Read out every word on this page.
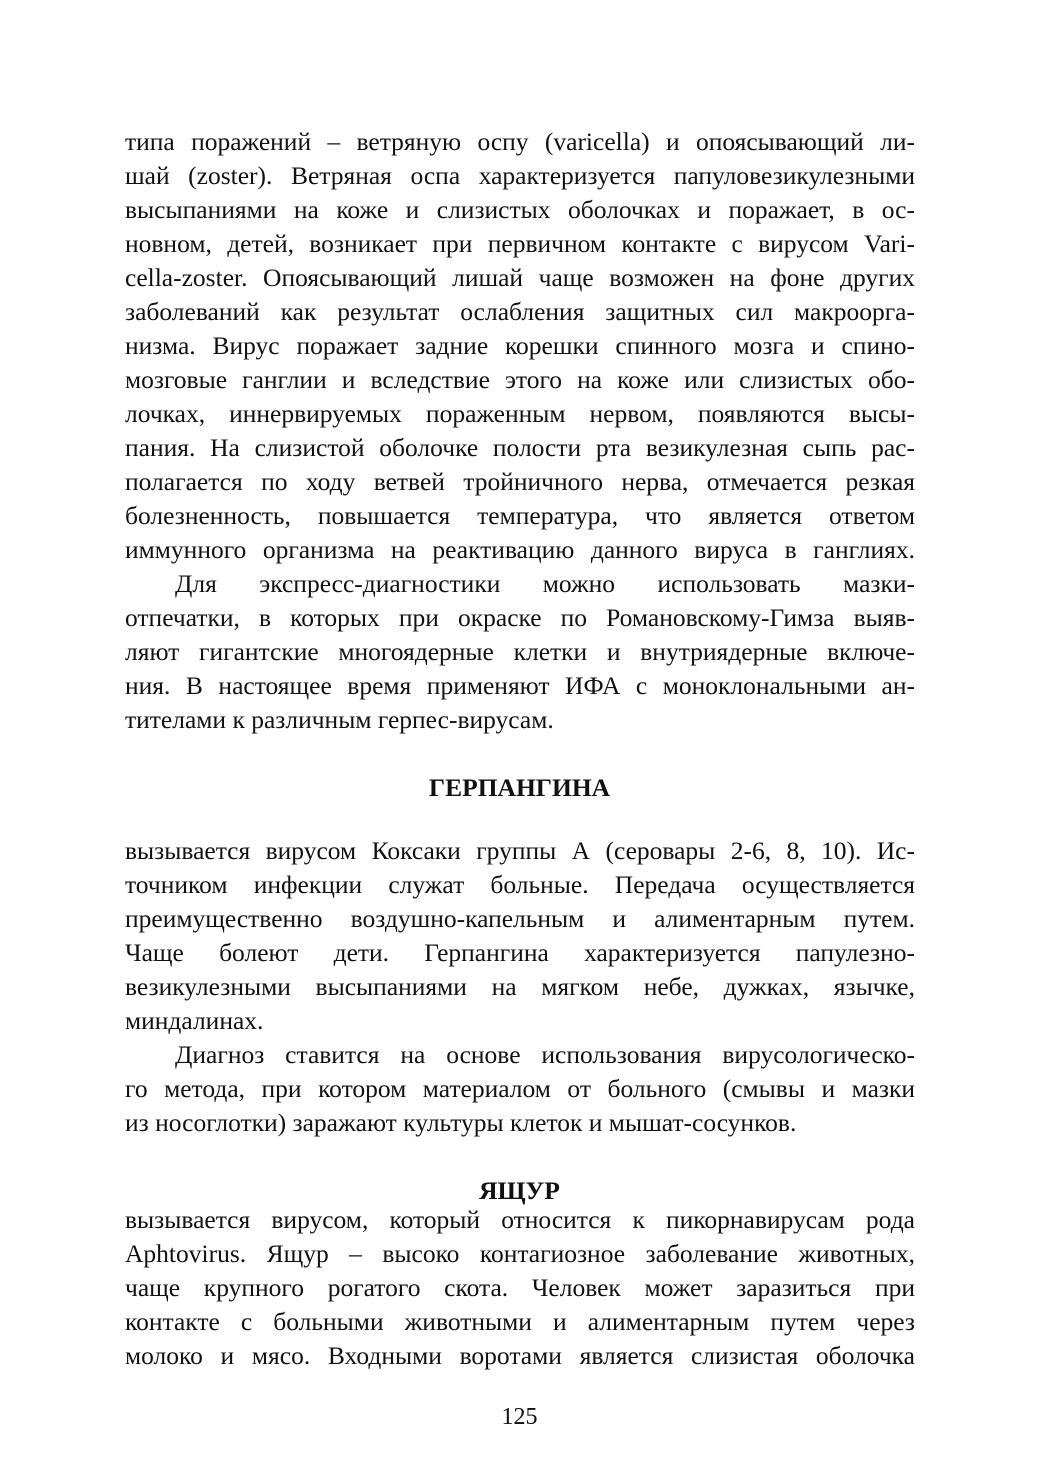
типа поражений – ветряную оспу (varicella) и опоясывающий ли-
шай (zoster). Ветряная оспа характеризуется папуловезикулезными
высыпаниями на коже и слизистых оболочках и поражает, в ос-
новном, детей, возникает при первичном контакте с вирусом Vari-
cella-zoster. Опоясывающий лишай чаще возможен на фоне других
заболеваний как результат ослабления защитных сил макроорга-
низма. Вирус поражает задние корешки спинного мозга и спино-
мозговые ганглии и вследствие этого на коже или слизистых обо-
лочках, иннервируемых пораженным нервом, появляются высы-
пания. На слизистой оболочке полости рта везикулезная сыпь рас-
полагается по ходу ветвей тройничного нерва, отмечается резкая
болезненность, повышается температура, что является ответом
иммунного организма на реактивацию данного вируса в ганглиях.
Для экспресс-диагностики можно использовать мазки-
отпечатки, в которых при окраске по Романовскому-Гимза выяв-
ляют гигантские многоядерные клетки и внутриядерные включе-
ния. В настоящее время применяют ИФА с моноклональными ан-
тителами к различным герпес-вирусам.
ГЕРПАНГИНА
вызывается вирусом Коксаки группы А (серовары 2-6, 8, 10). Ис-
точником инфекции служат больные. Передача осуществляется
преимущественно воздушно-капельным и алиментарным путем.
Чаще болеют дети. Герпангина характеризуется папулезно-
везикулезными высыпаниями на мягком небе, дужках, язычке,
миндалинах.
Диагноз ставится на основе использования вирусологическо-
го метода, при котором материалом от больного (смывы и мазки
из носоглотки) заражают культуры клеток и мышат-сосунков.
ЯЩУР
вызывается вирусом, который относится к пикорнавирусам рода
Aphtovirus. Ящур – высоко контагиозное заболевание животных,
чаще крупного рогатого скота. Человек может заразиться при
контакте с больными животными и алиментарным путем через
125
молоко и мясо. Входными воротами является слизистая оболочка
